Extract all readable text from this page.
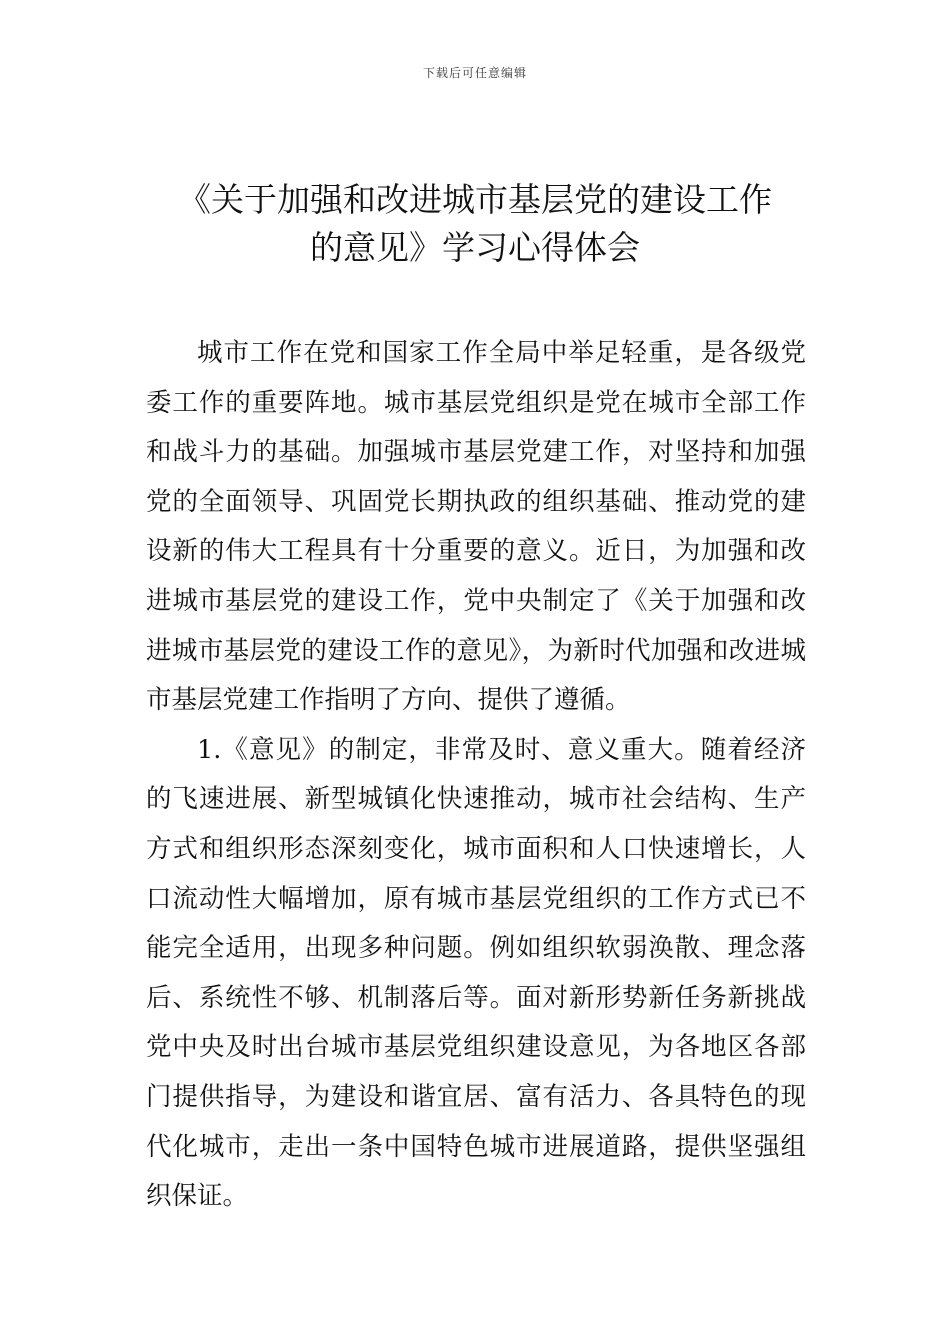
下载后可任意编辑
《关于加强和改进城市基层党的建设工作
的意见》学习心得体会

城市工作在党和国家工作全局中举足轻重，是各级党委工作的重要阵地。城市基层党组织是党在城市全部工作和战斗力的基础。加强城市基层党建工作，对坚持和加强党的全面领导、巩固党长期执政的组织基础、推动党的建设新的伟大工程具有十分重要的意义。近日，为加强和改进城市基层党的建设工作，党中央制定了《关于加强和改进城市基层党的建设工作的意见》，为新时代加强和改进城市基层党建工作指明了方向、提供了遵循。

1.《意见》的制定，非常及时、意义重大。随着经济的飞速进展、新型城镇化快速推动，城市社会结构、生产方式和组织形态深刻变化，城市面积和人口快速增长，人口流动性大幅增加，原有城市基层党组织的工作方式已不能完全适用，出现多种问题。例如组织软弱涣散、理念落后、系统性不够、机制落后等。面对新形势新任务新挑战党中央及时出台城市基层党组织建设意见，为各地区各部门提供指导，为建设和谐宜居、富有活力、各具特色的现代化城市，走出一条中国特色城市进展道路，提供坚强组织保证。
